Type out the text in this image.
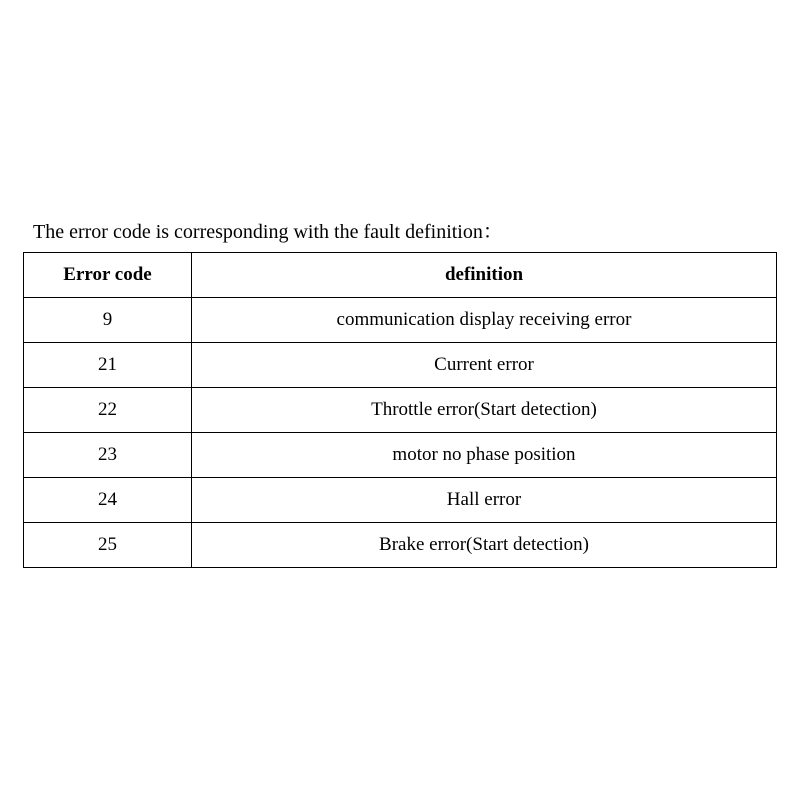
The error code is corresponding with the fault definition：

Error code	definition
9	communication display receiving error
21	Current error
22	Throttle error(Start detection)
23	motor no phase position
24	Hall error
25	Brake error(Start detection)
